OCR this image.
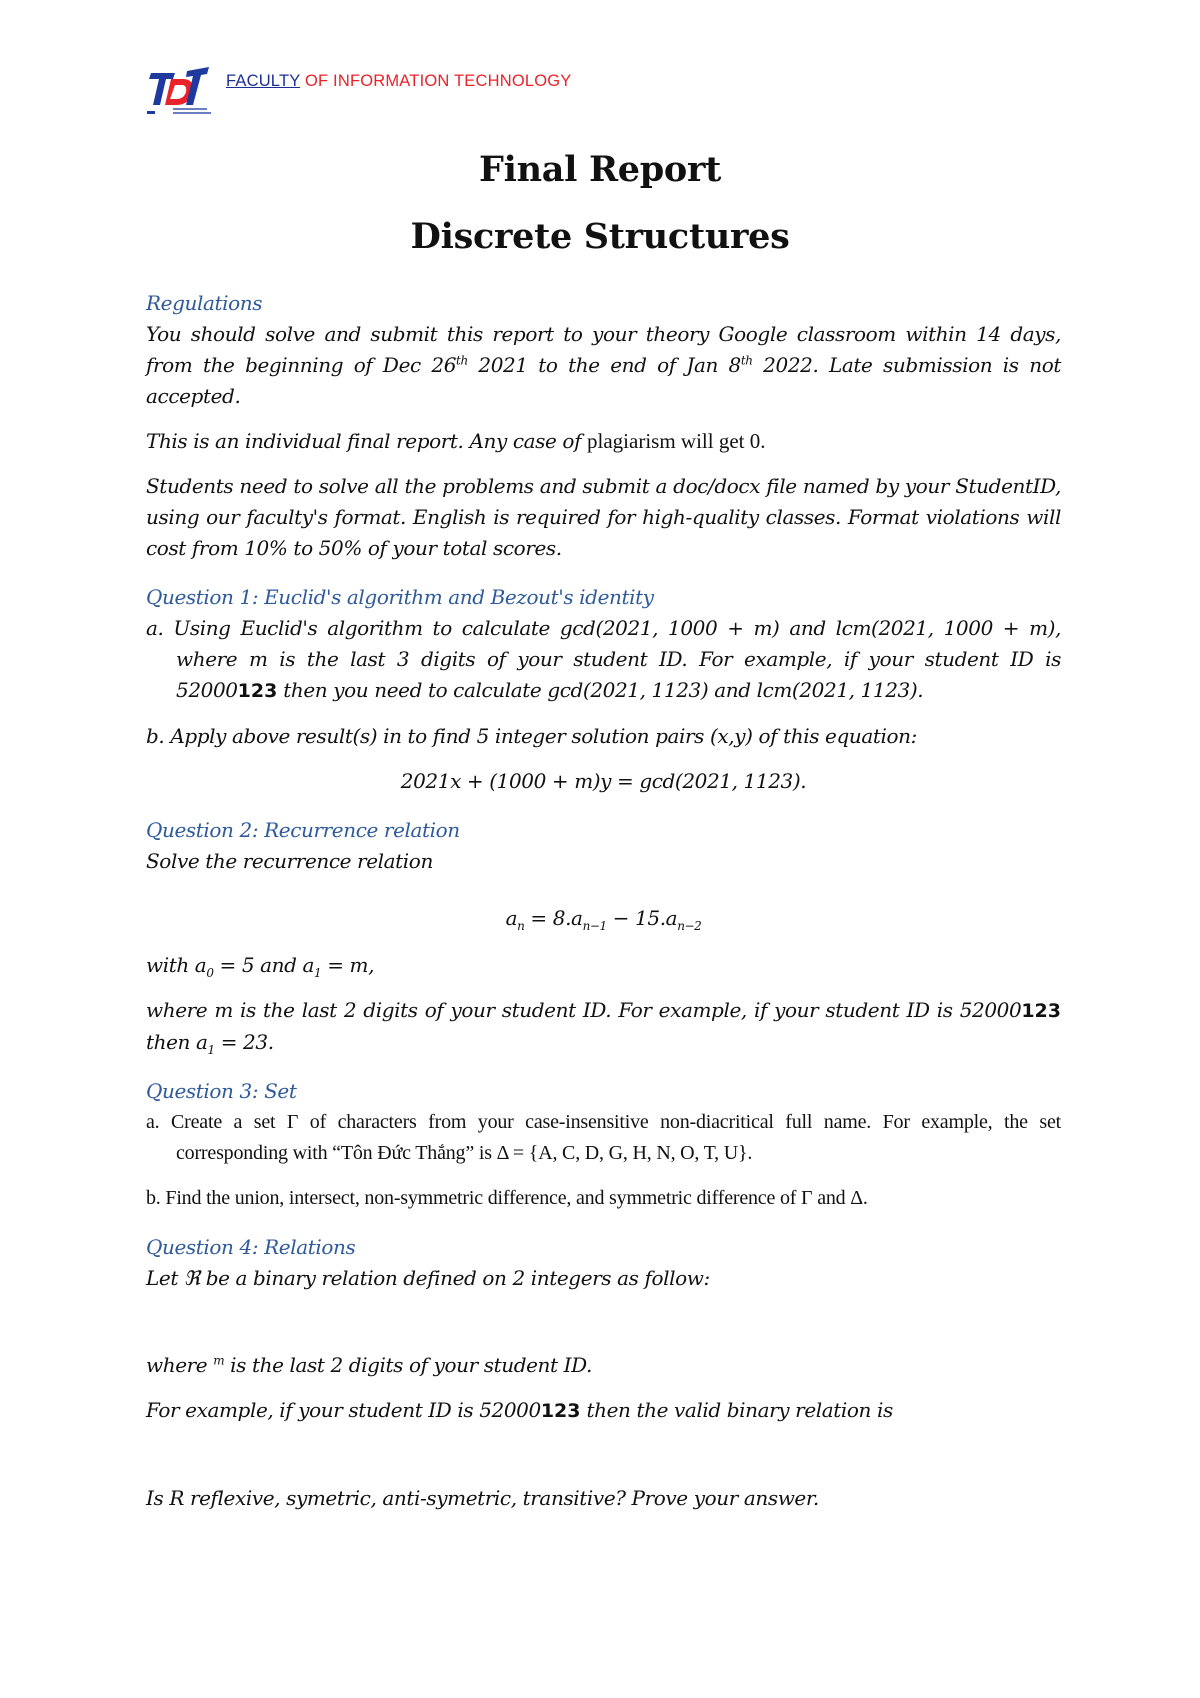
FACULTY OF INFORMATION TECHNOLOGY
Final Report
Discrete Structures

Regulations

You should solve and submit this report to your theory Google classroom within 14 days, from the beginning of Dec 26th 2021 to the end of Jan 8th 2022. Late submission is not accepted.

This is an individual final report. Any case of plagiarism will get 0.

Students need to solve all the problems and submit a doc/docx file named by your StudentID, using our faculty's format. English is required for high-quality classes. Format violations will cost from 10% to 50% of your total scores.

Question 1: Euclid's algorithm and Bezout's identity

a. Using Euclid's algorithm to calculate gcd(2021, 1000 + m) and lcm(2021, 1000 + m), where m is the last 3 digits of your student ID. For example, if your student ID is 52000123 then you need to calculate gcd(2021, 1123) and lcm(2021, 1123).

b. Apply above result(s) in to find 5 integer solution pairs (x,y) of this equation:

2021x + (1000 + m)y = gcd(2021, 1123).

Question 2: Recurrence relation

Solve the recurrence relation

$a_n = 8.a_{n-1} - 15.a_{n-2}$

with $a_0 = 5$ and $a_1 = m$,

where m is the last 2 digits of your student ID. For example, if your student ID is 52000123 then $a_1 = 23$.

Question 3: Set

a. Create a set Γ of characters from your case-insensitive non-diacritical full name. For example, the set corresponding with “Tôn Đức Thắng” is Δ = {A, C, D, G, H, N, O, T, U}.

b. Find the union, intersect, non-symmetric difference, and symmetric difference of Γ and Δ.

Question 4: Relations

Let ℜ be a binary relation defined on 2 integers as follow:

where $^m$ is the last 2 digits of your student ID.

For example, if your student ID is 52000123 then the valid binary relation is

Is R reflexive, symetric, anti-symetric, transitive? Prove your answer.
